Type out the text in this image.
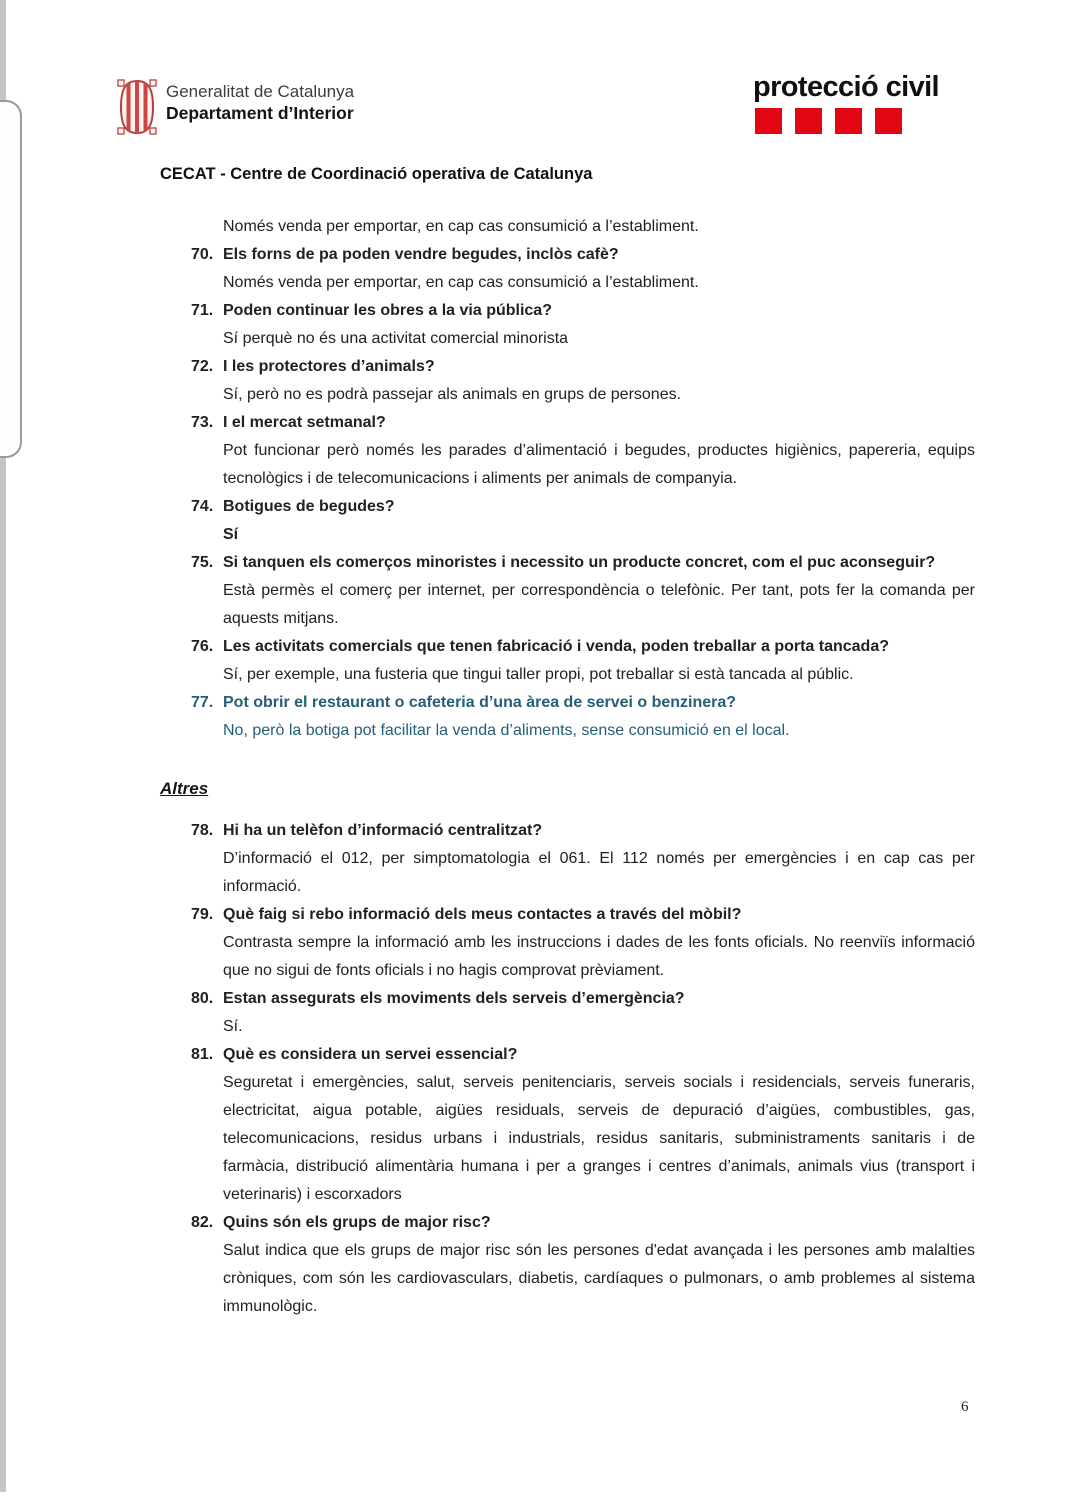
Generalitat de Catalunya
Departament d’Interior
protecció civil
CECAT - Centre de Coordinació operativa de Catalunya
Només venda per emportar, en cap cas consumició a l’establiment.
70. Els forns de pa poden vendre begudes, inclòs cafè?
Només venda per emportar, en cap cas consumició a l’establiment.
71. Poden continuar les obres a la via pública?
Sí perquè no és una activitat comercial minorista
72. I les protectores d’animals?
Sí, però no es podrà passejar als animals en grups de persones.
73. I el mercat setmanal?
Pot funcionar però només les parades d’alimentació i begudes, productes higiènics, papereria, equips tecnològics i de telecomunicacions i aliments per animals de companyia.
74. Botigues de begudes?
Sí
75. Si tanquen els comerços minoristes i necessito un producte concret, com el puc aconseguir?
Està permès el comerç per internet, per correspondència o telefònic. Per tant, pots fer la comanda per aquests mitjans.
76. Les activitats comercials que tenen fabricació i venda, poden treballar a porta tancada?
Sí, per exemple, una fusteria que tingui taller propi, pot treballar si està tancada al públic.
77. Pot obrir el restaurant o cafeteria d’una àrea de servei o benzinera?
No, però la botiga pot facilitar la venda d’aliments, sense consumició en el local.
Altres
78. Hi ha un telèfon d’informació centralitzat?
D’informació el 012, per simptomatologia el 061. El 112 només per emergències i en cap cas per informació.
79. Què faig si rebo informació dels meus contactes a través del mòbil?
Contrasta sempre la informació amb les instruccions i dades de les fonts oficials. No reenviïs informació que no sigui de fonts oficials i no hagis comprovat prèviament.
80. Estan assegurats els moviments dels serveis d’emergència?
Sí.
81. Què es considera un servei essencial?
Seguretat i emergències, salut, serveis penitenciaris, serveis socials i residencials, serveis funeraris, electricitat, aigua potable, aigües residuals, serveis de depuració d’aigües, combustibles, gas, telecomunicacions, residus urbans i industrials, residus sanitaris, subministraments sanitaris i de farmàcia, distribució alimentària humana i per a granges i centres d’animals, animals vius (transport i veterinaris) i escorxadors
82. Quins són els grups de major risc?
Salut indica que els grups de major risc són les persones d'edat avançada i les persones amb malalties cròniques, com són les cardiovasculars, diabetis, cardíaques o pulmonars, o amb problemes al sistema immunològic.
6
